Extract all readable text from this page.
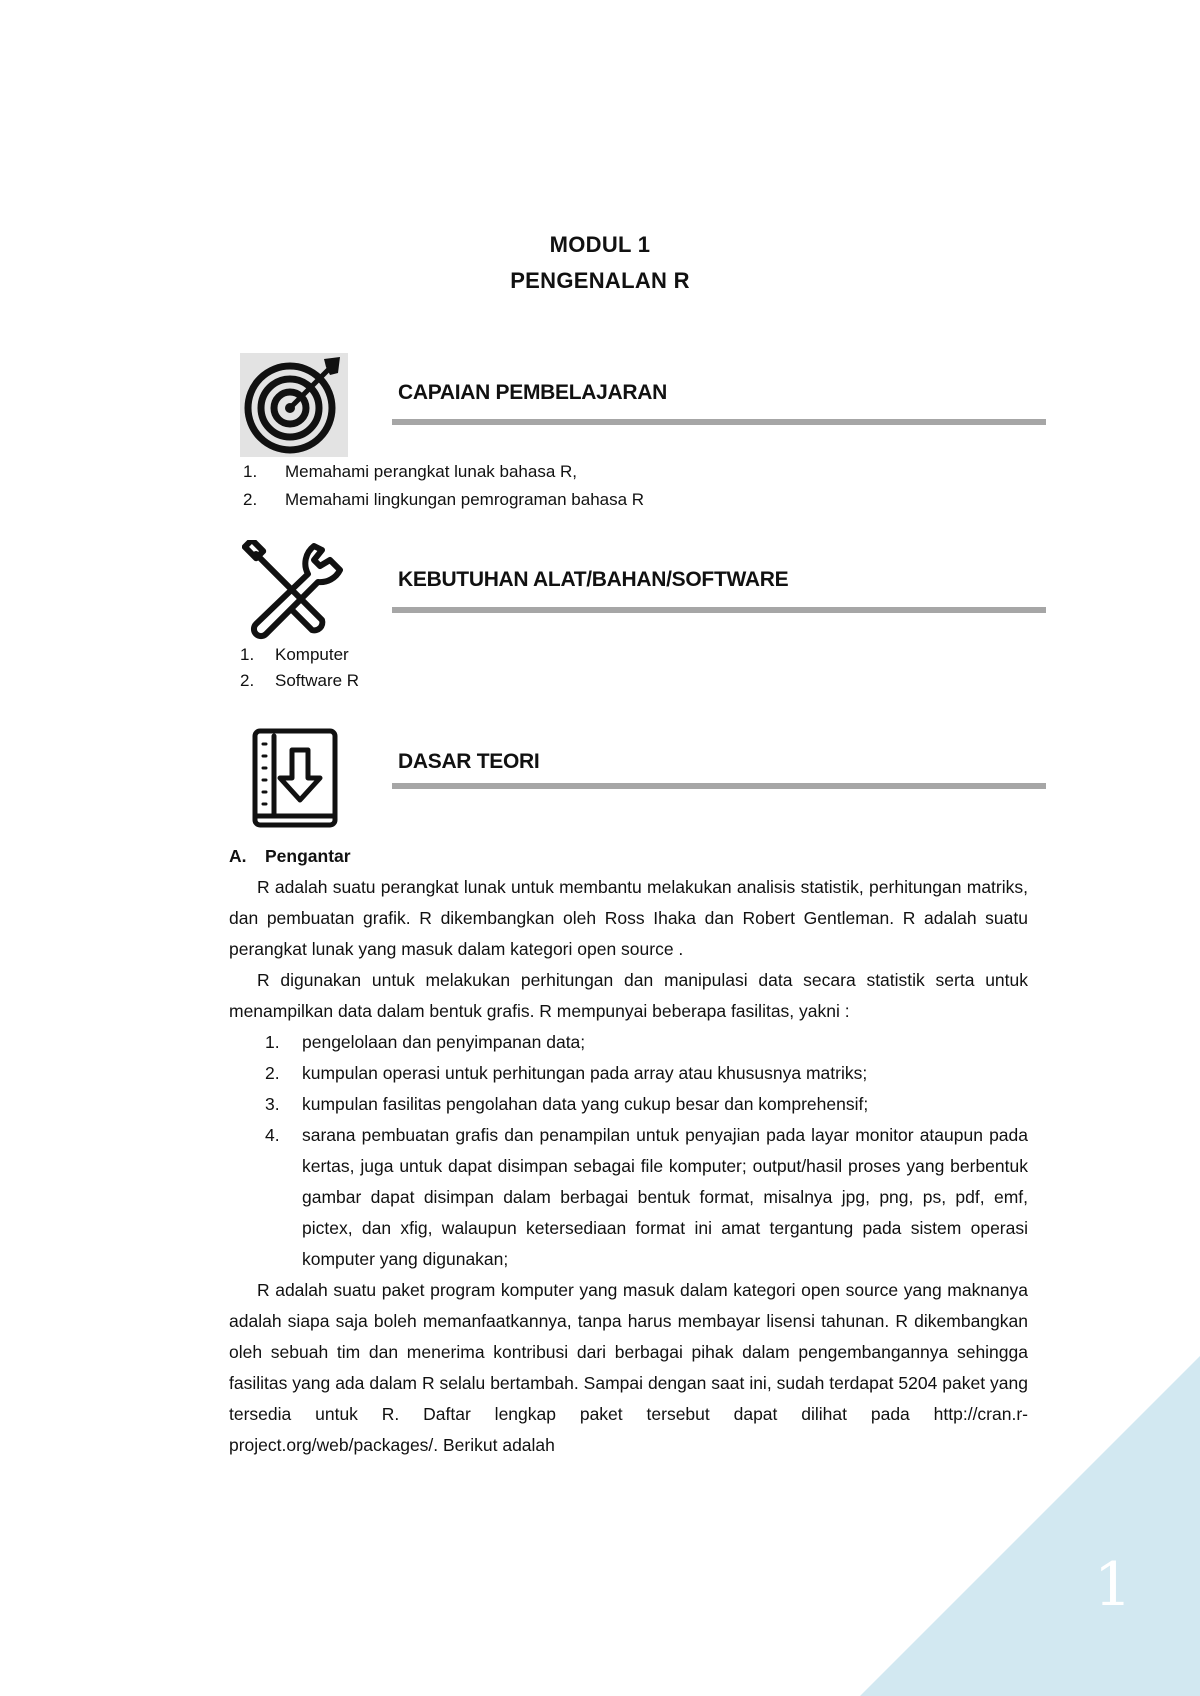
MODUL 1
PENGENALAN R
CAPAIAN PEMBELAJARAN
1. Memahami perangkat lunak bahasa R,
2. Memahami lingkungan pemrograman bahasa R
KEBUTUHAN ALAT/BAHAN/SOFTWARE
1. Komputer
2. Software R
DASAR TEORI

A. Pengantar

R adalah suatu perangkat lunak untuk membantu melakukan analisis statistik, perhitungan matriks, dan pembuatan grafik. R dikembangkan oleh Ross Ihaka dan Robert Gentleman. R adalah suatu perangkat lunak yang masuk dalam kategori open source .

R digunakan untuk melakukan perhitungan dan manipulasi data secara statistik serta untuk menampilkan data dalam bentuk grafis. R mempunyai beberapa fasilitas, yakni :

1. pengelolaan dan penyimpanan data;
2. kumpulan operasi untuk perhitungan pada array atau khususnya matriks;
3. kumpulan fasilitas pengolahan data yang cukup besar dan komprehensif;
4. sarana pembuatan grafis dan penampilan untuk penyajian pada layar monitor ataupun pada kertas, juga untuk dapat disimpan sebagai file komputer; output/hasil proses yang berbentuk gambar dapat disimpan dalam berbagai bentuk format, misalnya jpg, png, ps, pdf, emf, pictex, dan xfig, walaupun ketersediaan format ini amat tergantung pada sistem operasi komputer yang digunakan;

R adalah suatu paket program komputer yang masuk dalam kategori open source yang maknanya adalah siapa saja boleh memanfaatkannya, tanpa harus membayar lisensi tahunan. R dikembangkan oleh sebuah tim dan menerima kontribusi dari berbagai pihak dalam pengembangannya sehingga fasilitas yang ada dalam R selalu bertambah. Sampai dengan saat ini, sudah terdapat 5204 paket yang tersedia untuk R. Daftar lengkap paket tersebut dapat dilihat pada http://cran.r-project.org/web/packages/. Berikut adalah

1
